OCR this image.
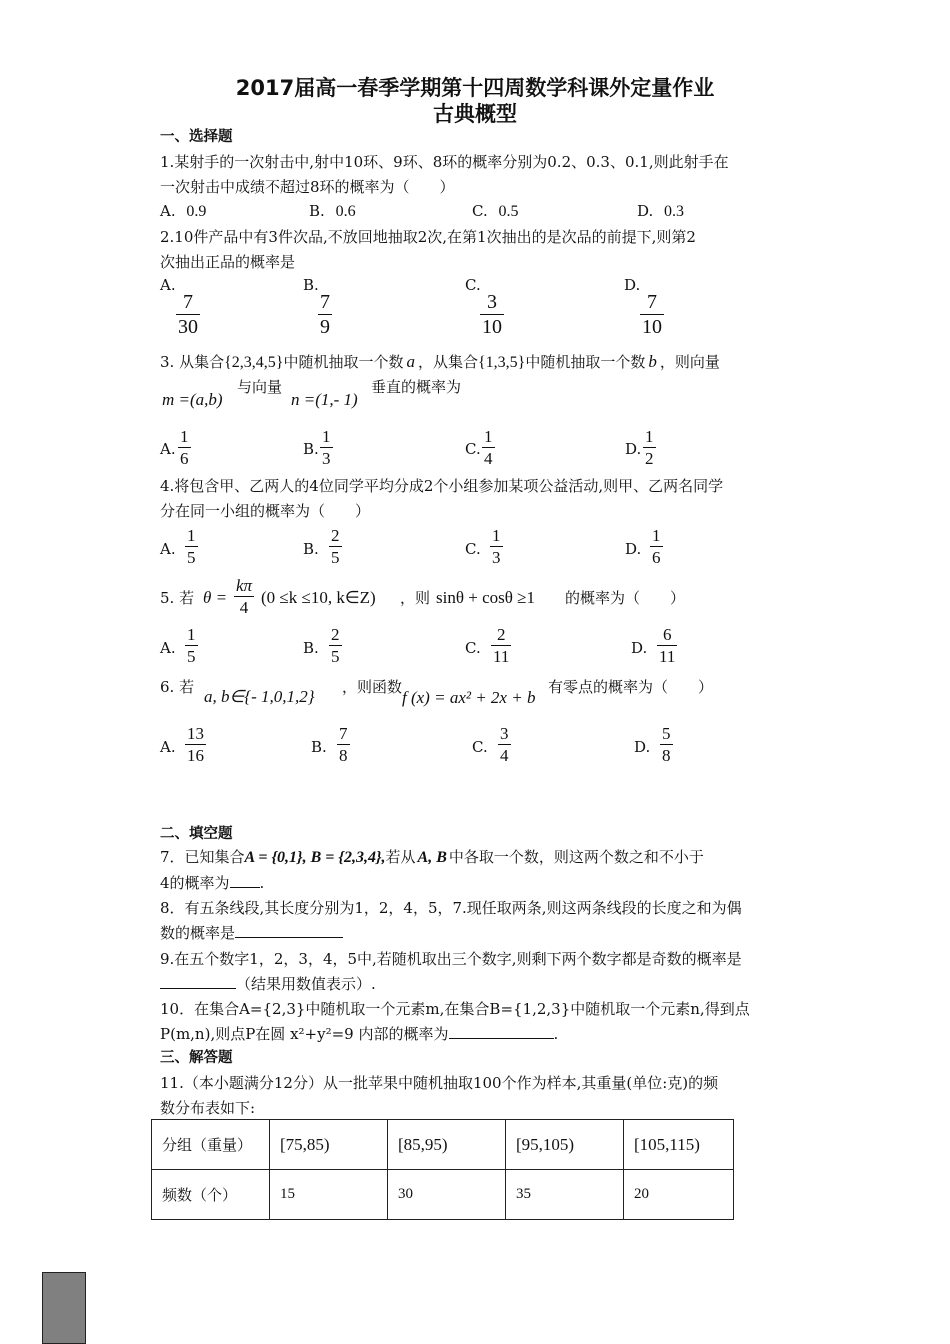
2017届高一春季学期第十四周数学科课外定量作业
古典概型
一、选择题
1.某射手的一次射击中,射中10环、9环、8环的概率分别为0.2、0.3、0.1,则此射手在
一次射击中成绩不超过8环的概率为（　　）
A. 0.9	B. 0.6	C. 0.5	D. 0.3
2.10件产品中有3件次品,不放回地抽取2次,在第1次抽出的是次品的前提下,则第2
次抽出正品的概率是
A.
7
30
B.
7
9
C.
3
10
D.
7
10
3. 从集合{2,3,4,5}中随机抽取一个数 a ，从集合{1,3,5}中随机抽取一个数 b ，则向量
m =(a,b)
与向量
n =(1,- 1)
垂直的概率为
A.
1
6	B.
1
3	C.
1
4	D.
1
2
4.将包含甲、乙两人的4位同学平均分成2个小组参加某项公益活动,则甲、乙两名同学
分在同一小组的概率为（　　）
A.
1
5	B.
2
5	C.
1
3	D.
1
6
5. 若 θ =
kπ
4
(0 ≤k ≤10, k∈Z) ，则 sinθ + cosθ ≥1 的概率为（　　）
A.
1
5	B.
2
5	C.
2
11	D.
6
11
6. 若 a, b∈{- 1,0,1,2} ，则函数
f (x) = ax² + 2x + b
有零点的概率为（　　）
A.
13
16	B.
7
8	C.
3
4	D.
5
8
二、填空题
7．已知集合A = {0,1}, B = {2,3,4},若从 A, B 中各取一个数，则这两个数之和不小于
4的概率为 .
8．有五条线段,其长度分别为1，2，4，5，7.现任取两条,则这两条线段的长度之和为偶
数的概率是
9.在五个数字1，2，3，4，5中,若随机取出三个数字,则剩下两个数字都是奇数的概率是
（结果用数值表示）.
10．在集合A={2,3}中随机取一个元素m,在集合B={1,2,3}中随机取一个元素n,得到点
P(m,n),则点P在圆 x²+y²=9 内部的概率为	.
三、解答题
11.（本小题满分12分）从一批苹果中随机抽取100个作为样本,其重量(单位:克)的频
数分布表如下:
分组（重量）	[75,85)	[85,95)	[95,105)	[105,115)
频数（个）	15	30	35	20
